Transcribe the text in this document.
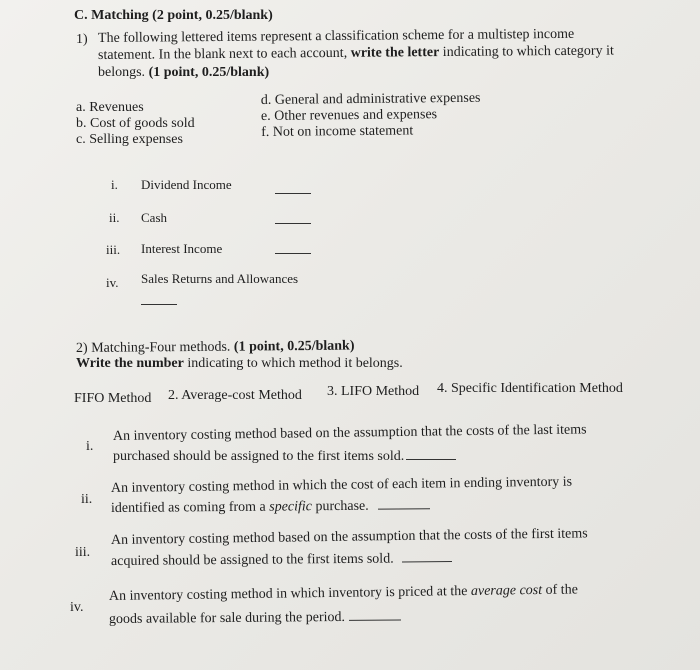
C. Matching (2 point, 0.25/blank)
1) The following lettered items represent a classification scheme for a multistep income
statement. In the blank next to each account, write the letter indicating to which category it
belongs. (1 point, 0.25/blank)
a. Revenues
b. Cost of goods sold
c. Selling expenses
d. General and administrative expenses
e. Other revenues and expenses
f. Not on income statement
i. Dividend Income
ii. Cash
iii. Interest Income
iv. Sales Returns and Allowances
2) Matching-Four methods. (1 point, 0.25/blank)
Write the number indicating to which method it belongs.
FIFO Method 2. Average-cost Method 3. LIFO Method 4. Specific Identification Method
i.
An inventory costing method based on the assumption that the costs of the last items
purchased should be assigned to the first items sold.
ii.
An inventory costing method in which the cost of each item in ending inventory is
identified as coming from a specific purchase.
iii.
An inventory costing method based on the assumption that the costs of the first items
acquired should be assigned to the first items sold.
iv.
An inventory costing method in which inventory is priced at the average cost of the
goods available for sale during the period.
